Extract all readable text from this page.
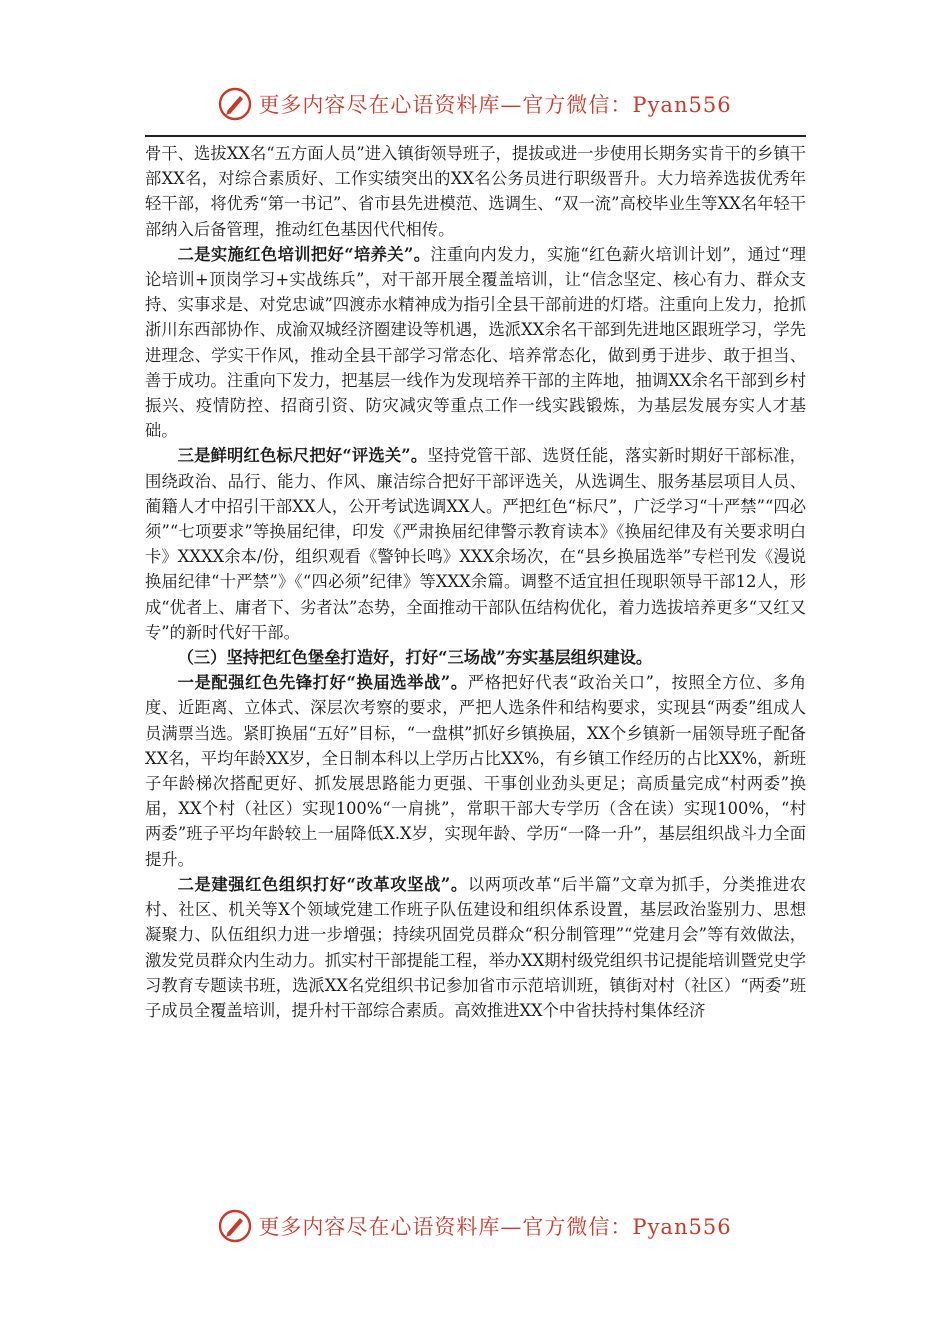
更多内容尽在心语资料库—官方微信：Pyan556

骨干、选拔XX名“五方面人员”进入镇街领导班子，提拔或进一步使用长期务实肯干的乡镇干部XX名，对综合素质好、工作实绩突出的XX名公务员进行职级晋升。大力培养选拔优秀年轻干部，将优秀“第一书记”、省市县先进模范、选调生、“双一流”高校毕业生等XX名年轻干部纳入后备管理，推动红色基因代代相传。

二是实施红色培训把好“培养关”。注重向内发力，实施“红色薪火培训计划”，通过“理论培训+顶岗学习+实战练兵”，对干部开展全覆盖培训，让“信念坚定、核心有力、群众支持、实事求是、对党忠诚”四渡赤水精神成为指引全县干部前进的灯塔。注重向上发力，抢抓浙川东西部协作、成渝双城经济圈建设等机遇，选派XX余名干部到先进地区跟班学习，学先进理念、学实干作风，推动全县干部学习常态化、培养常态化，做到勇于进步、敢于担当、善于成功。注重向下发力，把基层一线作为发现培养干部的主阵地，抽调XX余名干部到乡村振兴、疫情防控、招商引资、防灾减灾等重点工作一线实践锻炼，为基层发展夯实人才基础。

三是鲜明红色标尺把好“评选关”。坚持党管干部、选贤任能，落实新时期好干部标准，围绕政治、品行、能力、作风、廉洁综合把好干部评选关，从选调生、服务基层项目人员、蔺籍人才中招引干部XX人，公开考试选调XX人。严把红色“标尺”，广泛学习“十严禁”“四必须”“七项要求”等换届纪律，印发《严肃换届纪律警示教育读本》《换届纪律及有关要求明白卡》XXXX余本/份，组织观看《警钟长鸣》XXX余场次，在“县乡换届选举”专栏刊发《漫说换届纪律“十严禁”》《“四必须”纪律》等XXX余篇。调整不适宜担任现职领导干部12人，形成“优者上、庸者下、劣者汰”态势，全面推动干部队伍结构优化，着力选拔培养更多“又红又专”的新时代好干部。

（三）坚持把红色堡垒打造好，打好“三场战”夯实基层组织建设。

一是配强红色先锋打好“换届选举战”。严格把好代表“政治关口”，按照全方位、多角度、近距离、立体式、深层次考察的要求，严把人选条件和结构要求，实现县“两委”组成人员满票当选。紧盯换届“五好”目标，“一盘棋”抓好乡镇换届，XX个乡镇新一届领导班子配备XX名，平均年龄XX岁，全日制本科以上学历占比XX%，有乡镇工作经历的占比XX%，新班子年龄梯次搭配更好、抓发展思路能力更强、干事创业劲头更足；高质量完成“村两委”换届，XX个村（社区）实现100%“一肩挑”，常职干部大专学历（含在读）实现100%，“村两委”班子平均年龄较上一届降低X.X岁，实现年龄、学历“一降一升”，基层组织战斗力全面提升。

二是建强红色组织打好“改革攻坚战”。以两项改革“后半篇”文章为抓手，分类推进农村、社区、机关等X个领域党建工作班子队伍建设和组织体系设置，基层政治鉴别力、思想凝聚力、队伍组织力进一步增强；持续巩固党员群众“积分制管理”“党建月会”等有效做法，激发党员群众内生动力。抓实村干部提能工程，举办XX期村级党组织书记提能培训暨党史学习教育专题读书班，选派XX名党组织书记参加省市示范培训班，镇街对村（社区）“两委”班子成员全覆盖培训，提升村干部综合素质。高效推进XX个中省扶持村集体经济

更多内容尽在心语资料库—官方微信：Pyan556
